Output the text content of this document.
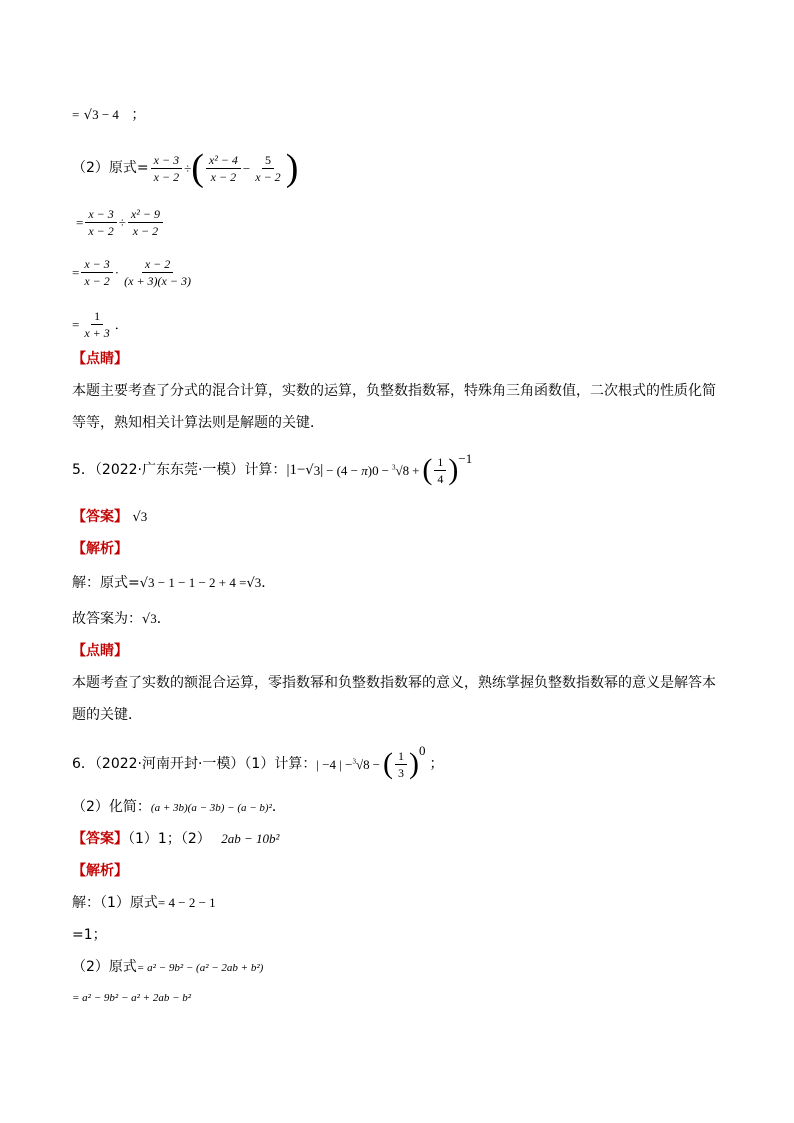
= √3 − 4 ；
（2）原式= $\frac{x - 3}{x - 2}$ ÷ ( $\frac{\text{x² − 4}}{x - 2} - \frac{5}{x - 2}$ )
= $\frac{x - 3}{x - 2} \div \frac{\text{x² − 9}}{x - 2}$
= $\frac{x - 3}{x - 2} \cdot \frac{x - 2}{(x + 3)(x - 3)}$
= $\frac{1}{x + 3}$ ．
【点睛】
本题主要考查了分式的混合计算，实数的运算，负整数指数幂，特殊角三角函数值，二次根式的性质化简
等等，熟知相关计算法则是解题的关键．
5．（2022·广东东莞·一模）计算： |1− √ 3 | − (4 − π) 0 − $^3$√8 + ( $\frac{1}{4}$ ) −1
【答案】 √3
【解析】
解：原式=√3 − 1 − 1 − 2 + 4 =√3．
故答案为：√3．
【点睛】
本题考查了实数的额混合运算，零指数幂和负整数指数幂的意义，熟练掌握负整数指数幂的意义是解答本
题的关键．
6．（2022·河南开封·一模）（1）计算： | −4 | − $^3$√8 − ( $\frac{1}{3}$ ) 0
；
（2）化简：(a + 3b)(a − 3b) − (a − b)²．
【答案】（1）1；（2） 2ab − 10b²
【解析】
解：（1）原式= 4 − 2 − 1
=1；
（2）原式= a² − 9b² − (a² − 2ab + b²)
= a² − 9b² − a² + 2ab − b²
